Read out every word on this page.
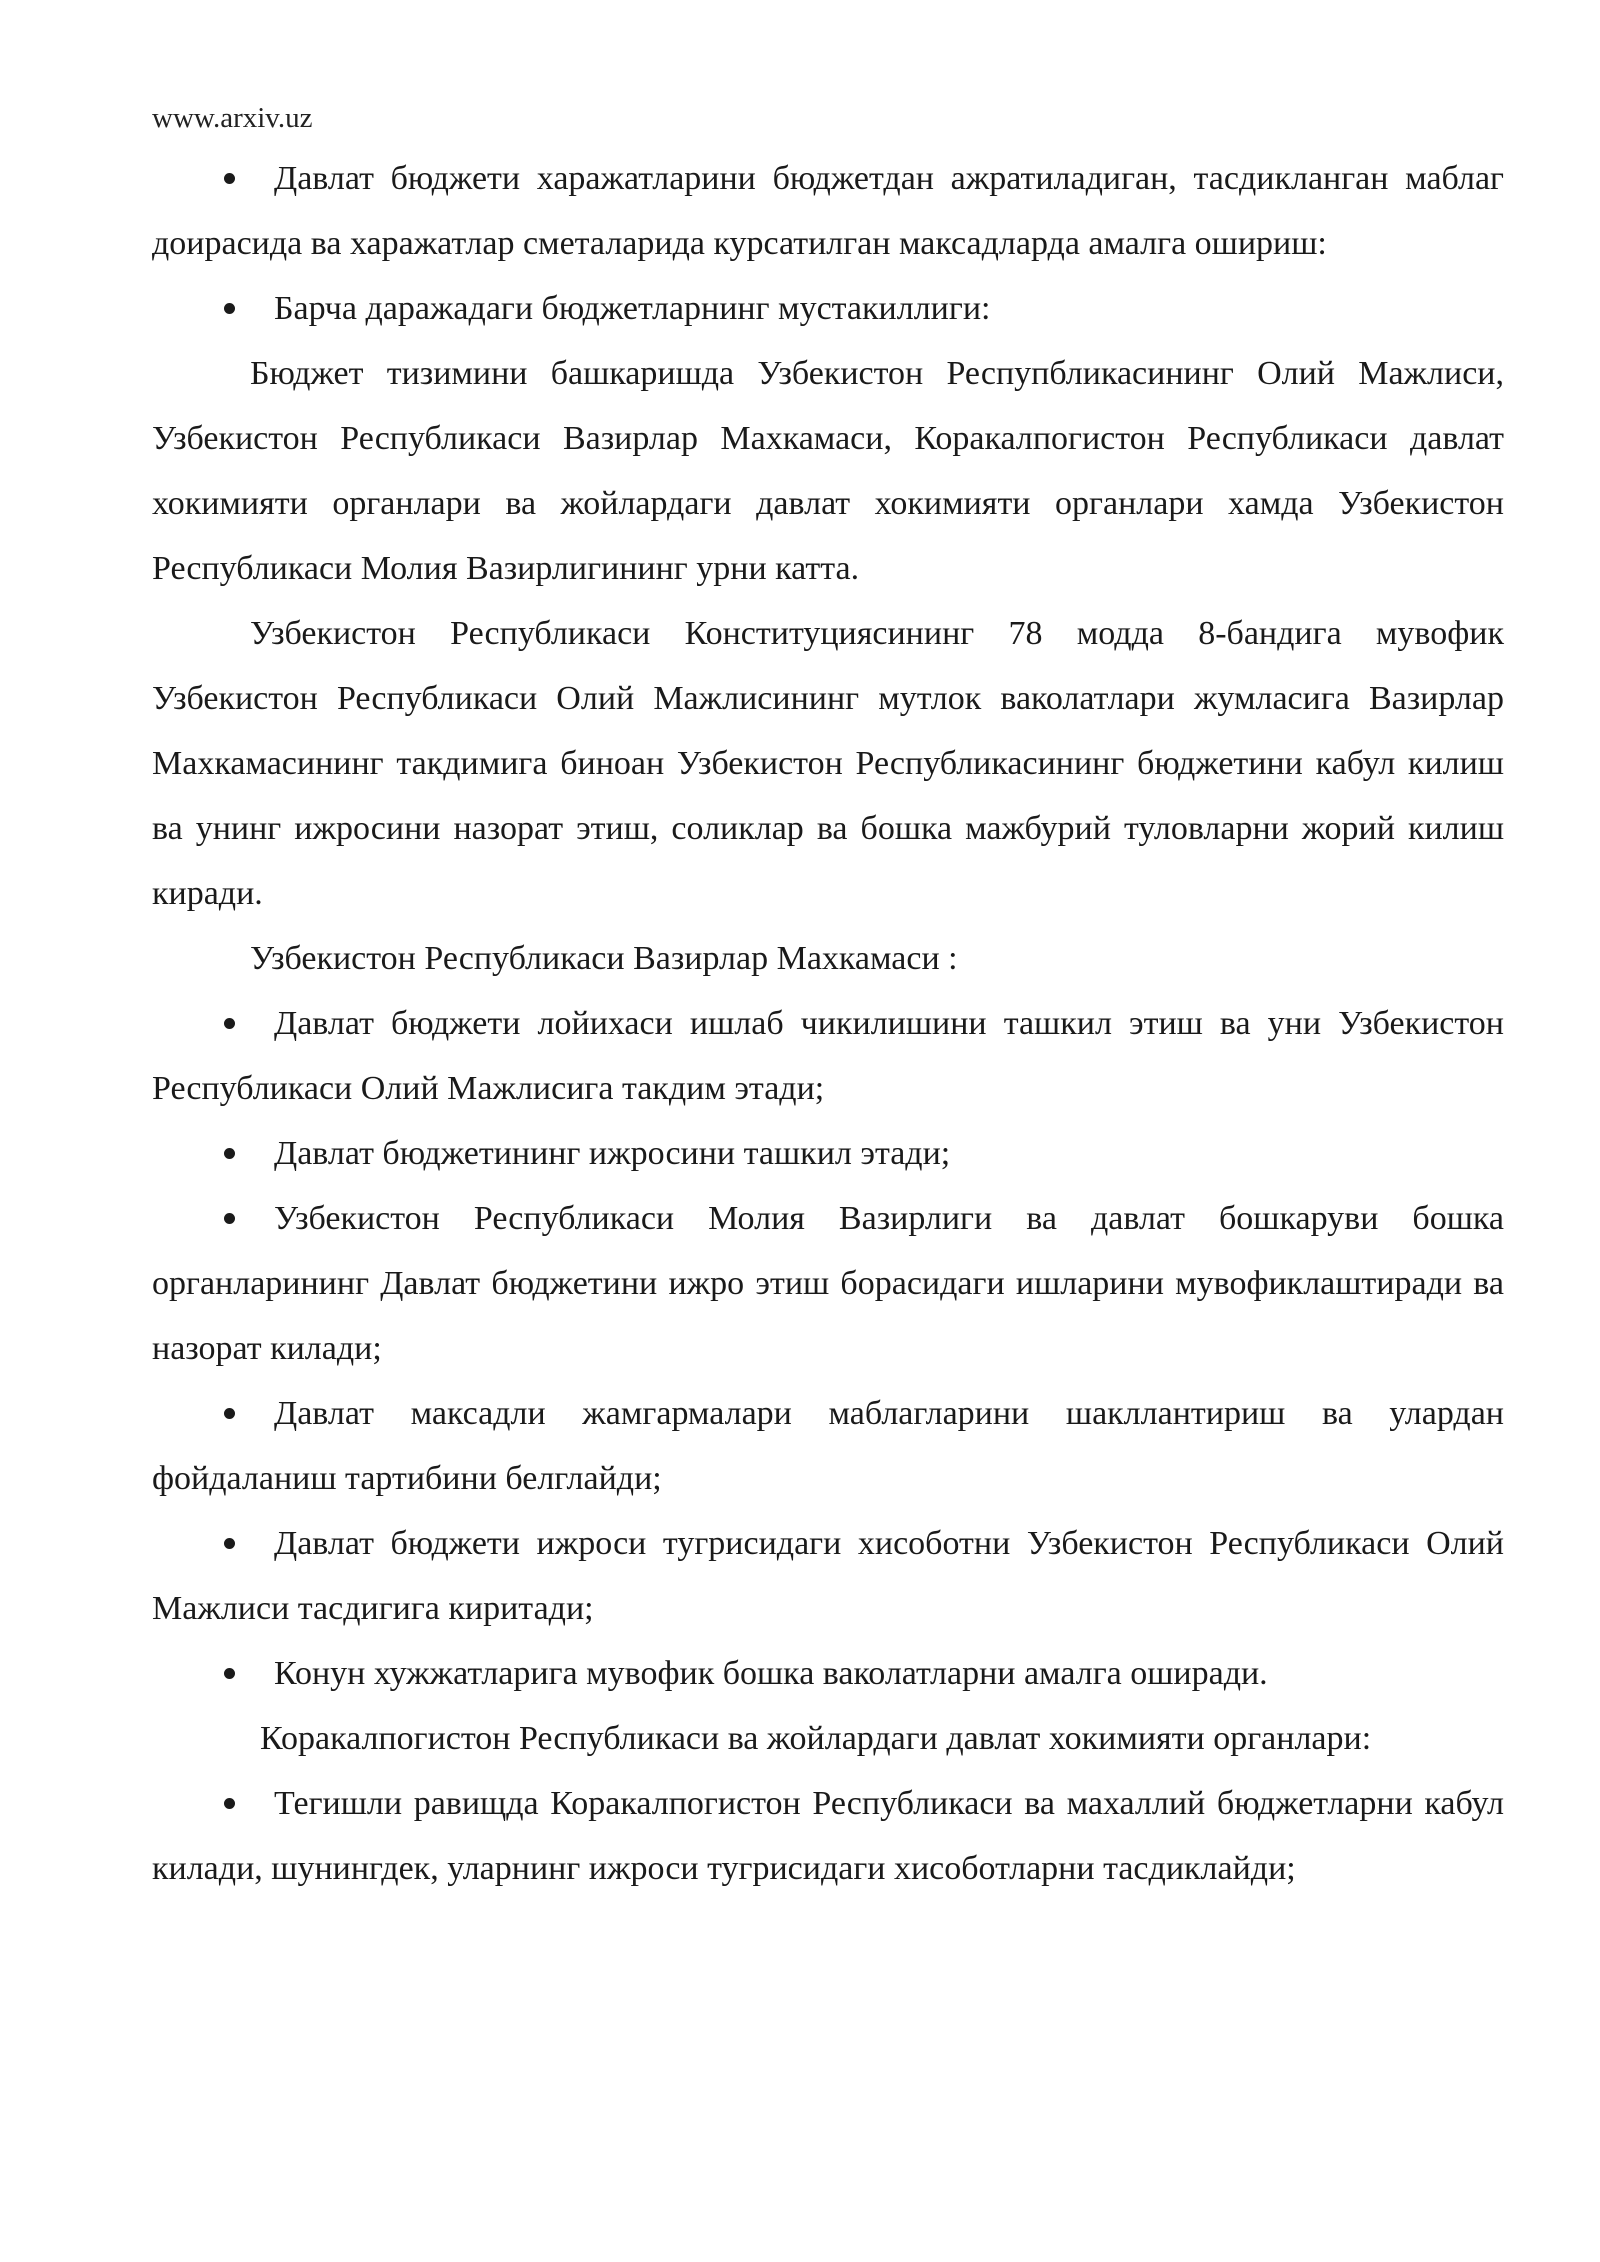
www.arxiv.uz

Давлат бюджети харажатларини бюджетдан ажратиладиган, тасдикланган маблаг доирасида ва харажатлар сметаларида курсатилган максадларда амалга ошириш:

Барча даражадаги бюджетларнинг мустакиллиги:

Бюджет тизимини башкаришда Узбекистон Респупбликасининг Олий Мажлиси, Узбекистон Республикаси Вазирлар Махкамаси, Коракалпогистон Республикаси давлат хокимияти органлари ва жойлардаги давлат хокимияти органлари хамда Узбекистон Республикаси Молия Вазирлигининг урни катта.

Узбекистон Республикаси Конституциясининг 78 модда 8-бандига мувофик Узбекистон Республикаси Олий Мажлисининг мутлок ваколатлари жумласига Вазирлар Махкамасининг такдимига биноан Узбекистон Республикасининг бюджетини кабул килиш ва унинг ижросини назорат этиш, соликлар ва бошка мажбурий туловларни жорий килиш киради.

Узбекистон Республикаси Вазирлар Махкамаси :

Давлат бюджети лойихаси ишлаб чикилишини ташкил этиш ва уни Узбекистон Республикаси Олий Мажлисига такдим этади;

Давлат бюджетининг ижросини ташкил этади;

Узбекистон Республикаси Молия Вазирлиги ва давлат бошкаруви бошка органларининг Давлат бюджетини ижро этиш борасидаги ишларини мувофиклаштиради ва назорат килади;

Давлат максадли жамгармалари маблагларини шакллантириш ва улардан фойдаланиш тартибини белглайди;

Давлат бюджети ижроси тугрисидаги хисоботни Узбекистон Республикаси Олий Мажлиси тасдигига киритади;

Конун хужжатларига мувофик бошка ваколатларни амалга оширади.

Коракалпогистон Республикаси ва жойлардаги давлат хокимияти органлари:

Тегишли равищда Коракалпогистон Республикаси ва махаллий бюджетларни кабул килади, шунингдек, уларнинг ижроси тугрисидаги хисоботларни тасдиклайди;
